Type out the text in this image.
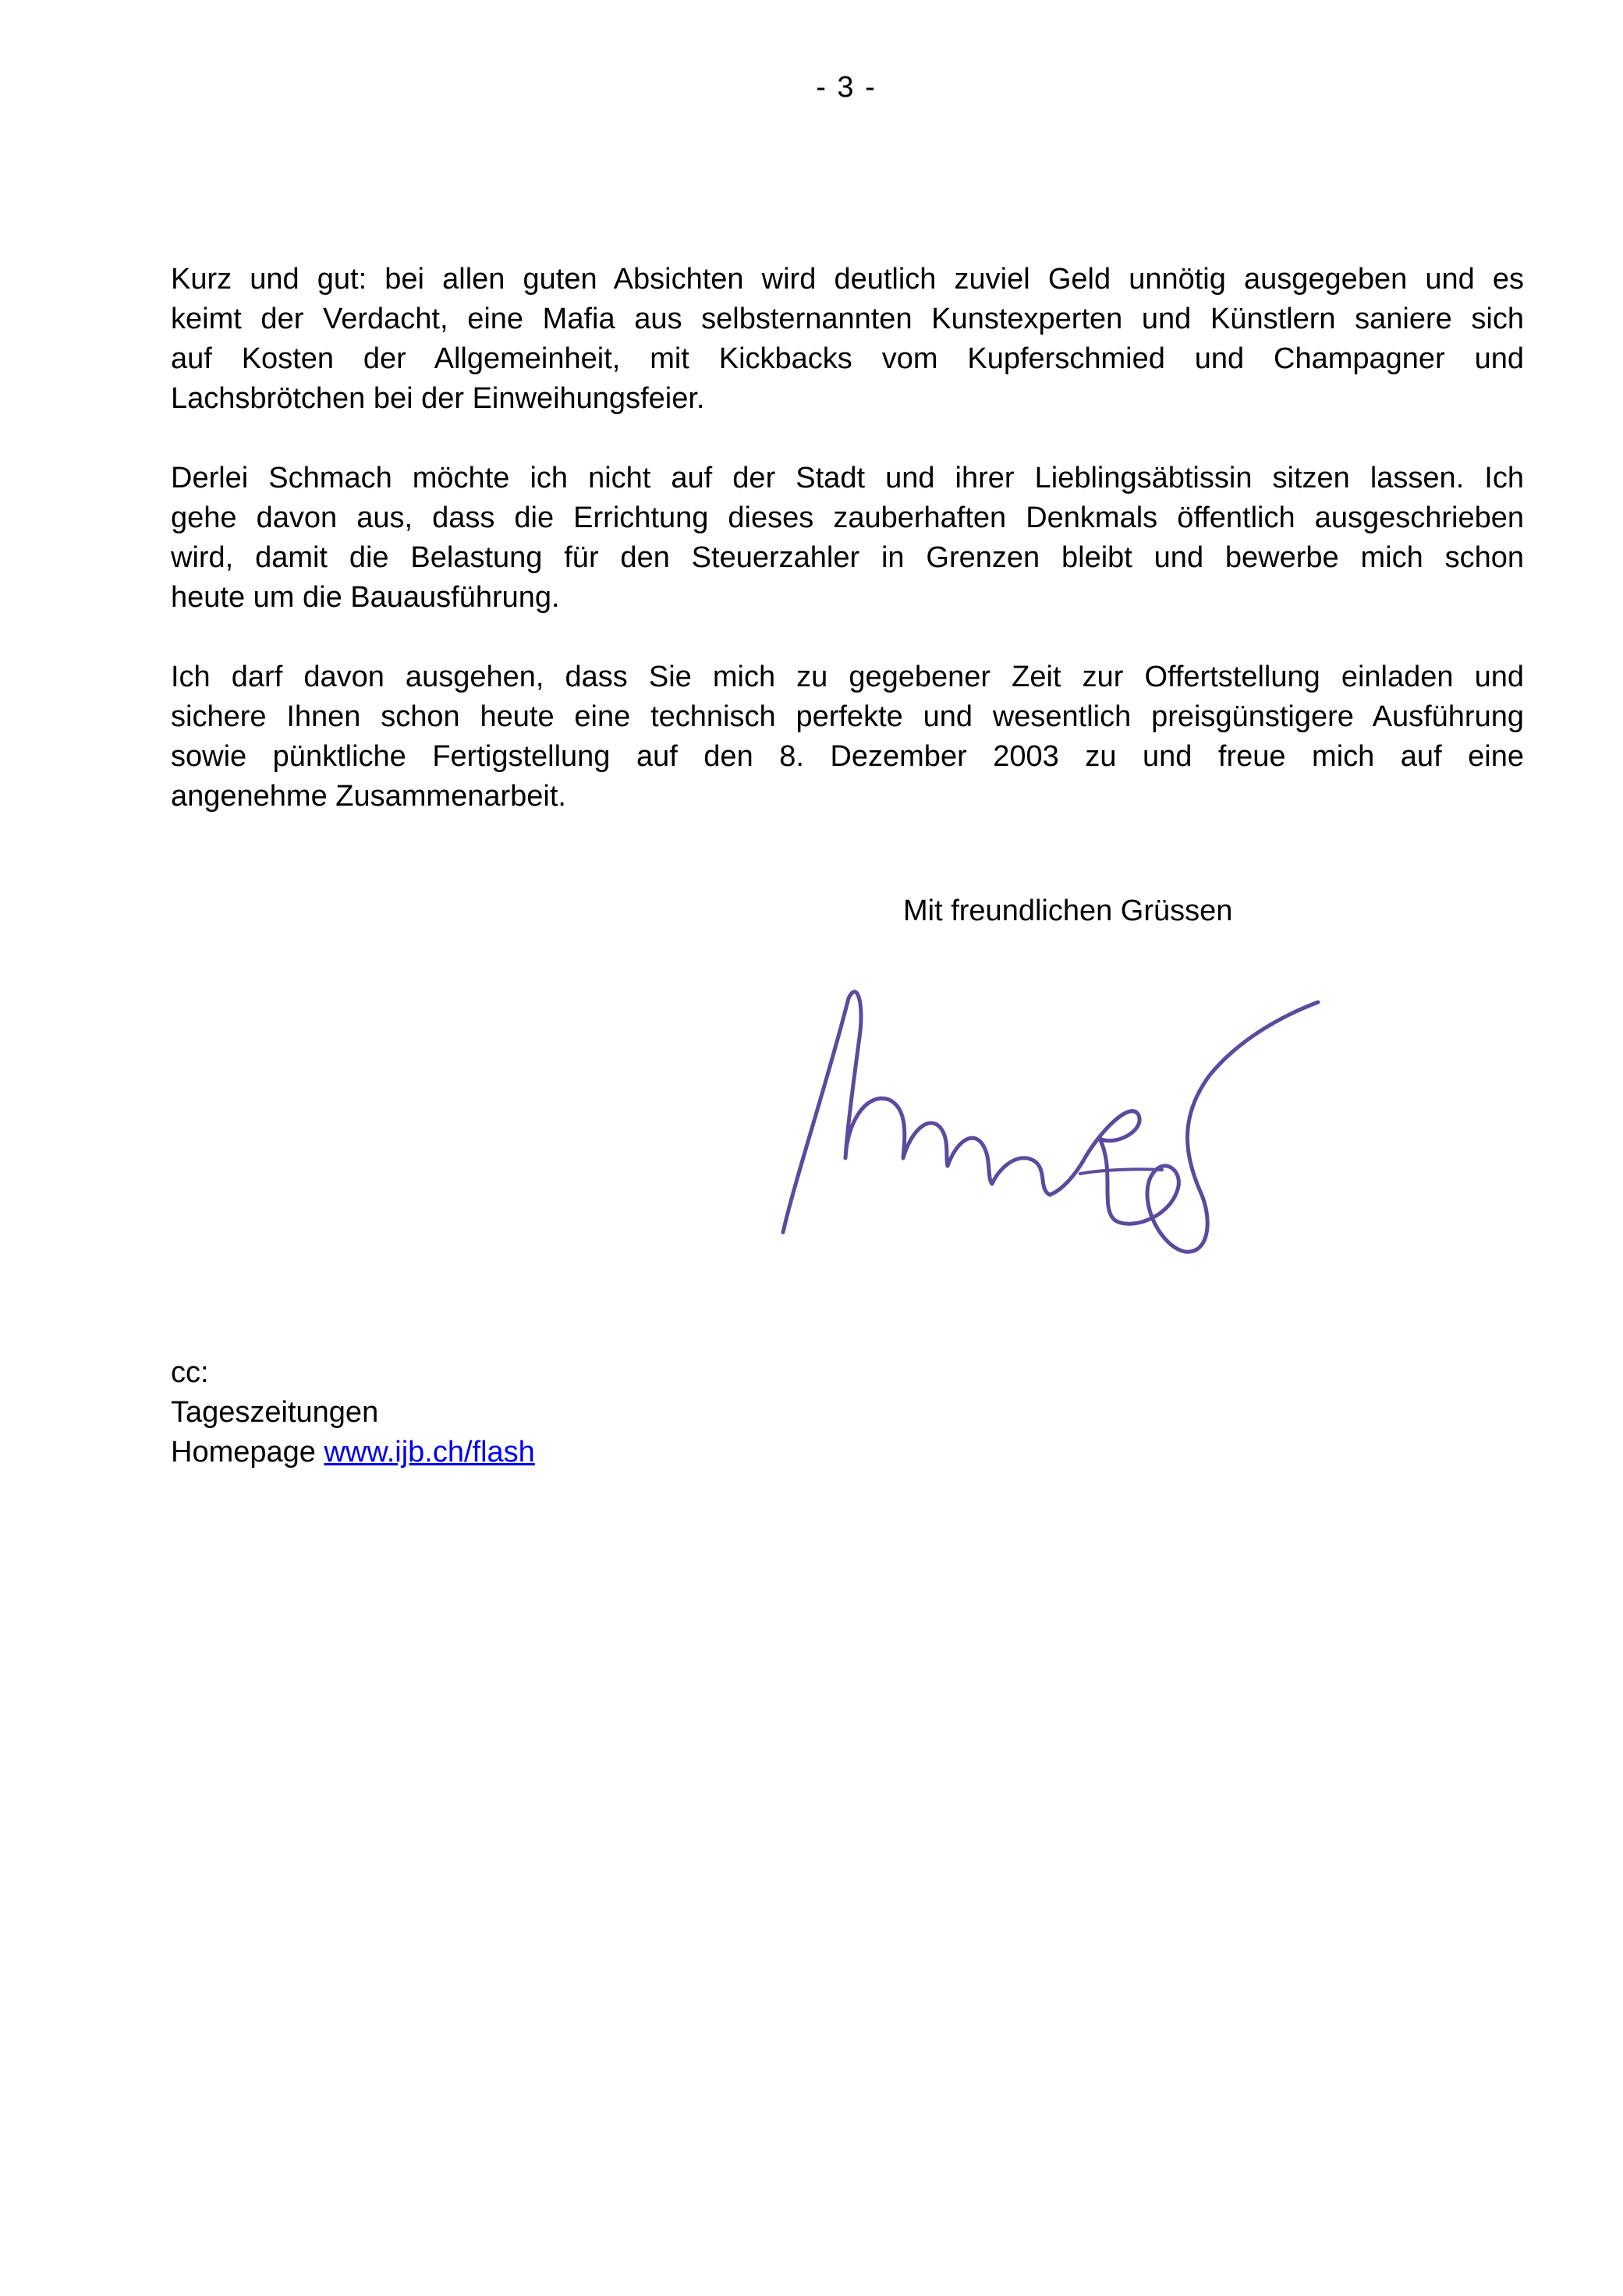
- 3 -

Kurz und gut: bei allen guten Absichten wird deutlich zuviel Geld unnötig ausgegeben und es
keimt der Verdacht, eine Mafia aus selbsternannten Kunstexperten und Künstlern saniere sich
auf Kosten der Allgemeinheit, mit Kickbacks vom Kupferschmied und Champagner und
Lachsbrötchen bei der Einweihungsfeier.

Derlei Schmach möchte ich nicht auf der Stadt und ihrer Lieblingsäbtissin sitzen lassen. Ich
gehe davon aus, dass die Errichtung dieses zauberhaften Denkmals öffentlich ausgeschrieben
wird, damit die Belastung für den Steuerzahler in Grenzen bleibt und bewerbe mich schon
heute um die Bauausführung.

Ich darf davon ausgehen, dass Sie mich zu gegebener Zeit zur Offertstellung einladen und
sichere Ihnen schon heute eine technisch perfekte und wesentlich preisgünstigere Ausführung
sowie pünktliche Fertigstellung auf den 8. Dezember 2003 zu und freue mich auf eine
angenehme Zusammenarbeit.

Mit freundlichen Grüssen
cc:
Tageszeitungen
Homepage www.ijb.ch/flash
